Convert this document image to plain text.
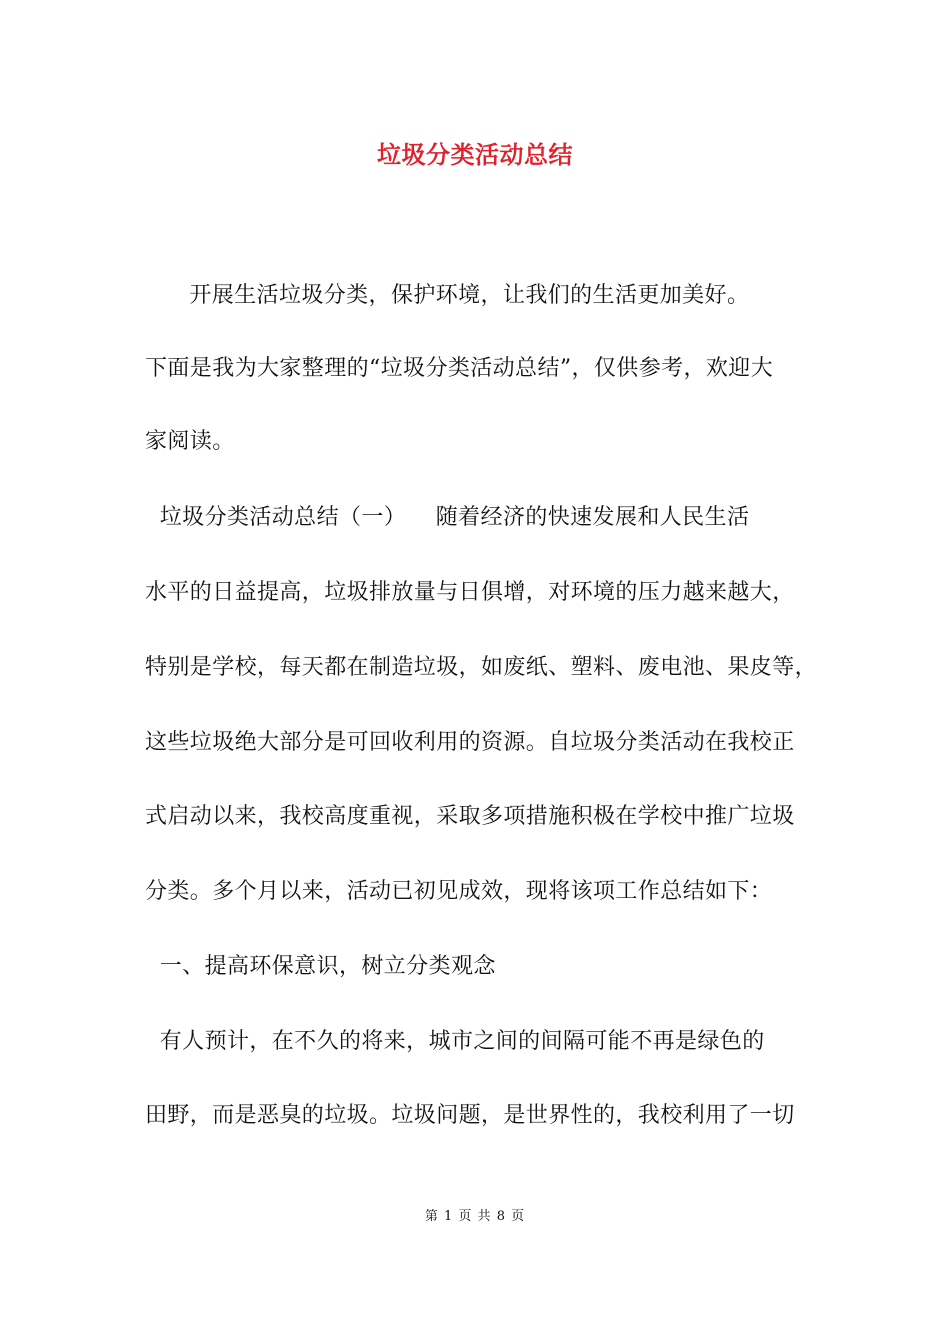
垃圾分类活动总结
开展生活垃圾分类，保护环境，让我们的生活更加美好。
下面是我为大家整理的“垃圾分类活动总结”，仅供参考，欢迎大
家阅读。
垃圾分类活动总结（一）    随着经济的快速发展和人民生活
水平的日益提高，垃圾排放量与日俱增，对环境的压力越来越大，
特别是学校，每天都在制造垃圾，如废纸、塑料、废电池、果皮等，
这些垃圾绝大部分是可回收利用的资源。自垃圾分类活动在我校正
式启动以来，我校高度重视，采取多项措施积极在学校中推广垃圾
分类。多个月以来，活动已初见成效，现将该项工作总结如下：
一、提高环保意识，树立分类观念
有人预计，在不久的将来，城市之间的间隔可能不再是绿色的
田野，而是恶臭的垃圾。垃圾问题，是世界性的，我校利用了一切
第 1 页 共 8 页
